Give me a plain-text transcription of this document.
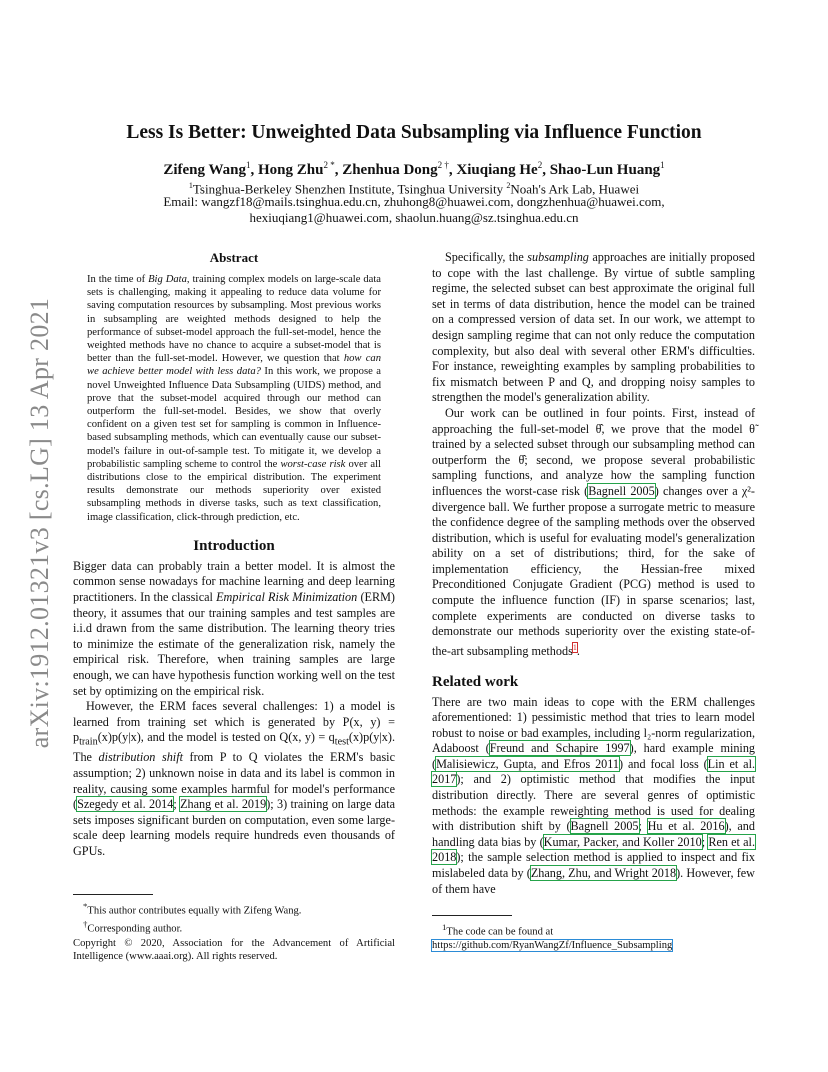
arXiv:1912.01321v3 [cs.LG] 13 Apr 2021
Less Is Better: Unweighted Data Subsampling via Influence Function

Zifeng Wang$^1$, Hong Zhu$^{2 *}$, Zhenhua Dong$^{2 \dagger}$, Xiuqiang He$^2$, Shao-Lun Huang$^1$

$^1$Tsinghua-Berkeley Shenzhen Institute, Tsinghua University $^2$Noah's Ark Lab, Huawei

Email: wangzf18@mails.tsinghua.edu.cn, zhuhong8@huawei.com, dongzhenhua@huawei.com,
hexiuqiang1@huawei.com, shaolun.huang@sz.tsinghua.edu.cn

Abstract

In the time of Big Data, training complex models on large-scale data sets is challenging, making it appealing to reduce data volume for saving computation resources by subsampling. Most previous works in subsampling are weighted methods designed to help the performance of subset-model approach the full-set-model, hence the weighted methods have no chance to acquire a subset-model that is better than the full-set-model. However, we question that how can we achieve better model with less data? In this work, we propose a novel Unweighted Influence Data Subsampling (UIDS) method, and prove that the subset-model acquired through our method can outperform the full-set-model. Besides, we show that overly confident on a given test set for sampling is common in Influence-based subsampling methods, which can eventually cause our subset-model's failure in out-of-sample test. To mitigate it, we develop a probabilistic sampling scheme to control the worst-case risk over all distributions close to the empirical distribution. The experiment results demonstrate our methods superiority over existed subsampling methods in diverse tasks, such as text classification, image classification, click-through prediction, etc.

Introduction

Bigger data can probably train a better model. It is almost the common sense nowadays for machine learning and deep learning practitioners. In the classical Empirical Risk Minimization (ERM) theory, it assumes that our training samples and test samples are i.i.d drawn from the same distribution. The learning theory tries to minimize the estimate of the generalization risk, namely the empirical risk. Therefore, when training samples are large enough, we can have hypothesis function working well on the test set by optimizing on the empirical risk.

However, the ERM faces several challenges: 1) a model is learned from training set which is generated by P(x, $y) = p_{train}(x)p(y|x)$, and the model is tested on Q(x, $y) = q_{test}(x)p(y|x)$. The distribution shift from P to Q violates the ERM's basic assumption; 2) unknown noise in data and its label is common in reality, causing some examples harmful for model's performance (Szegedy et al. 2014; Zhang et al. 2019); 3) training on large data sets imposes significant burden on computation, even some large-scale deep learning models require hundreds even thousands of GPUs.

*This author contributes equally with Zifeng Wang.

†Corresponding author.

Copyright © 2020, Association for the Advancement of Artificial Intelligence (www.aaai.org). All rights reserved.

Specifically, the subsampling approaches are initially proposed to cope with the last challenge. By virtue of subtle sampling regime, the selected subset can best approximate the original full set in terms of data distribution, hence the model can be trained on a compressed version of data set. In our work, we attempt to design sampling regime that can not only reduce the computation complexity, but also deal with several other ERM's difficulties. For instance, reweighting examples by sampling probabilities to fix mismatch between P and Q, and dropping noisy samples to strengthen the model's generalization ability.

Our work can be outlined in four points. First, instead of approaching the full-set-model θ̂, we prove that the model θ̃ trained by a selected subset through our subsampling method can outperform the θ̂; second, we propose several probabilistic sampling functions, and analyze how the sampling function influences the worst-case risk (Bagnell 2005) changes over a χ²-divergence ball. We further propose a surrogate metric to measure the confidence degree of the sampling methods over the observed distribution, which is useful for evaluating model's generalization ability on a set of distributions; third, for the sake of implementation efficiency, the Hessian-free mixed Preconditioned Conjugate Gradient (PCG) method is used to compute the influence function (IF) in sparse scenarios; last, complete experiments are conducted on diverse tasks to demonstrate our methods superiority over the existing state-of-the-art subsampling methods$^1$.

Related work

There are two main ideas to cope with the ERM challenges aforementioned: 1) pessimistic method that tries to learn model robust to noise or bad examples, including l₂-norm regularization, Adaboost (Freund and Schapire 1997), hard example mining (Malisiewicz, Gupta, and Efros 2011) and focal loss (Lin et al. 2017); and 2) optimistic method that modifies the input distribution directly. There are several genres of optimistic methods: the example reweighting method is used for dealing with distribution shift by (Bagnell 2005; Hu et al. 2016), and handling data bias by (Kumar, Packer, and Koller 2010; Ren et al. 2018); the sample selection method is applied to inspect and fix mislabeled data by (Zhang, Zhu, and Wright 2018). However, few of them have

$^1$The code can be found at https://github.com/RyanWangZf/Influence_Subsampling
